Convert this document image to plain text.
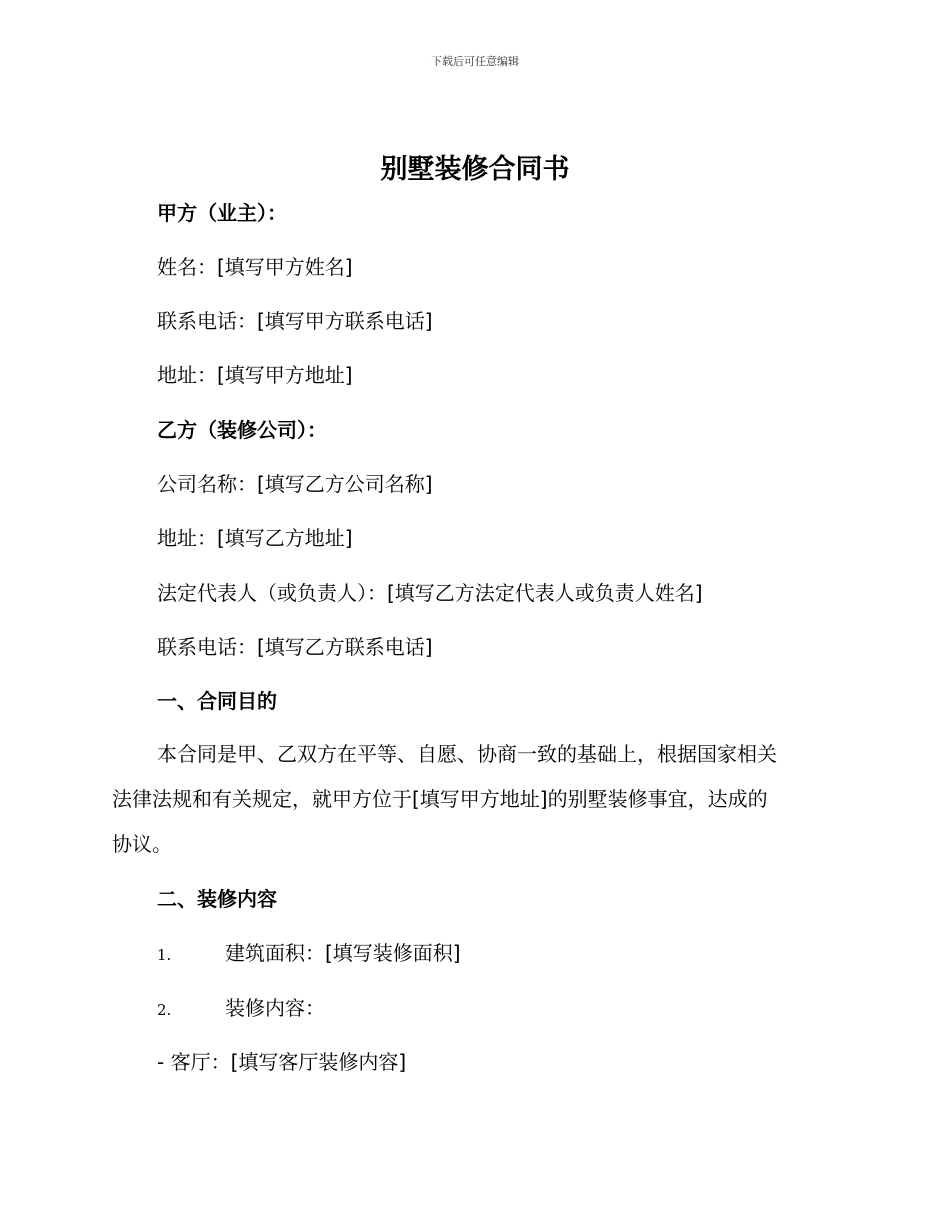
下载后可任意编辑
别墅装修合同书
甲方（业主）：
姓名：[填写甲方姓名]
联系电话：[填写甲方联系电话]
地址：[填写甲方地址]
乙方（装修公司）：
公司名称：[填写乙方公司名称]
地址：[填写乙方地址]
法定代表人（或负责人）：[填写乙方法定代表人或负责人姓名]
联系电话：[填写乙方联系电话]
一、合同目的
本合同是甲、乙双方在平等、自愿、协商一致的基础上，根据国家相关
法律法规和有关规定，就甲方位于[填写甲方地址]的别墅装修事宜，达成的
协议。
二、装修内容
1.	建筑面积：[填写装修面积]
2.	装修内容：
- 客厅：[填写客厅装修内容]
